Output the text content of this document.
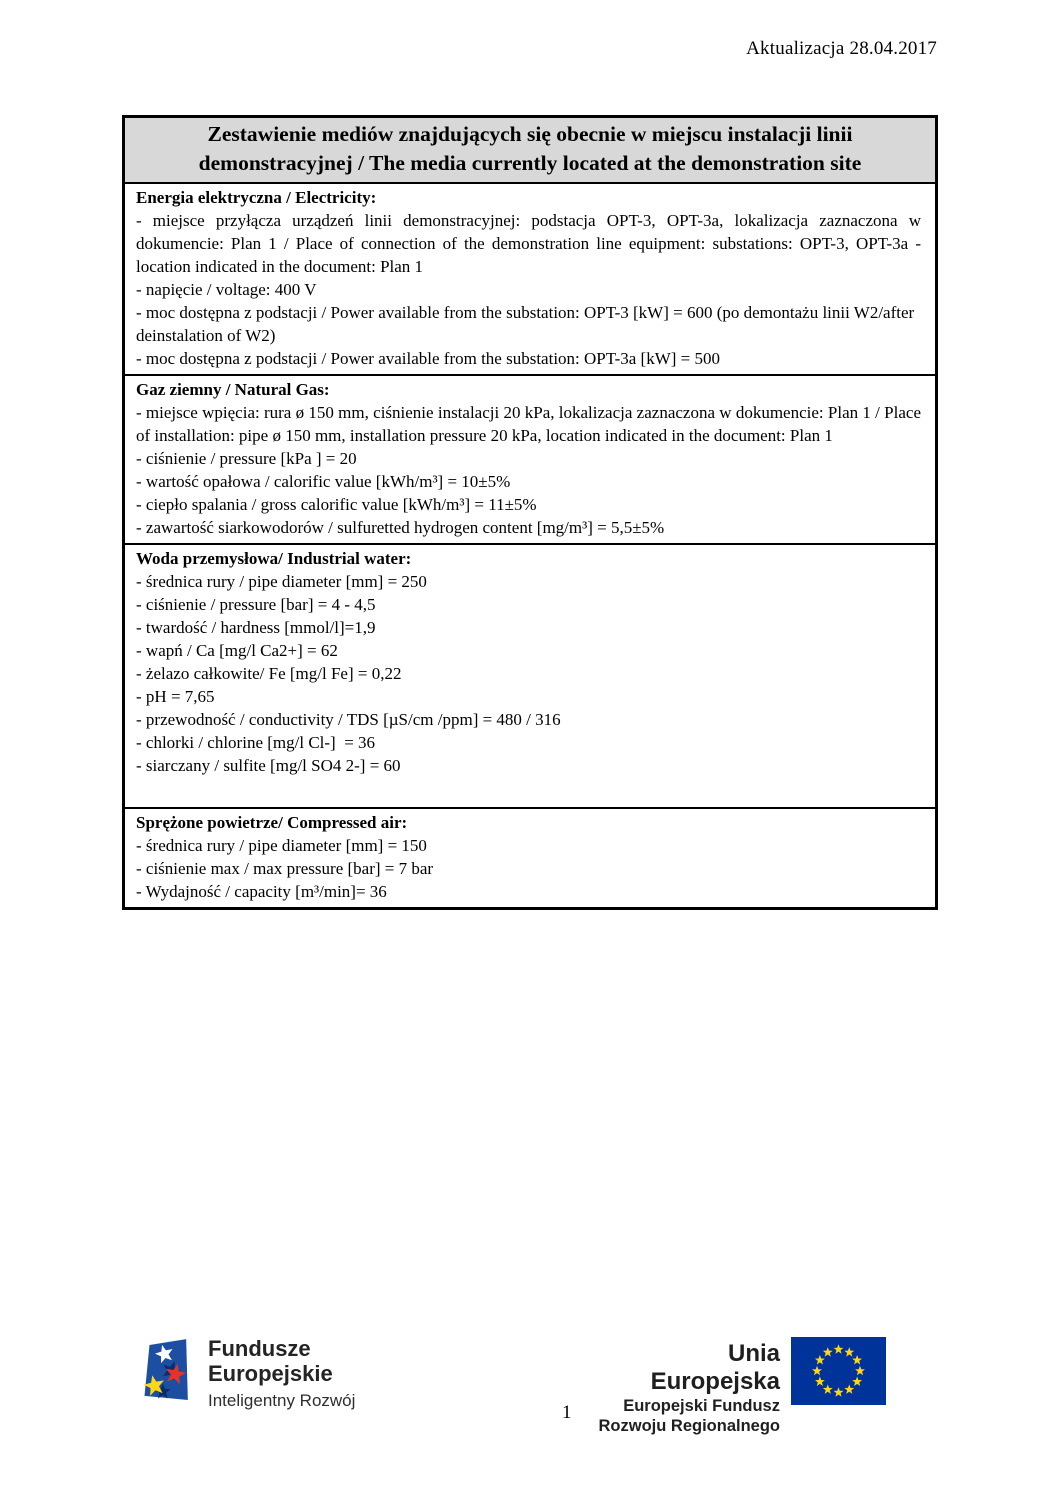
Aktualizacja 28.04.2017
Zestawienie mediów znajdujących się obecnie w miejscu instalacji linii demonstracyjnej / The media currently located at the demonstration site
Energia elektryczna / Electricity:
- miejsce przyłącza urządzeń linii demonstracyjnej: podstacja OPT-3, OPT-3a, lokalizacja zaznaczona w dokumencie: Plan 1 / Place of connection of the demonstration line equipment: substations: OPT-3, OPT-3a - location indicated in the document: Plan 1
- napięcie / voltage: 400 V
- moc dostępna z podstacji / Power available from the substation: OPT-3 [kW] = 600 (po demontażu linii W2/after deinstalation of W2)
- moc dostępna z podstacji / Power available from the substation: OPT-3a [kW] = 500
Gaz ziemny / Natural Gas:
- miejsce wpięcia: rura ø 150 mm, ciśnienie instalacji 20 kPa, lokalizacja zaznaczona w dokumencie: Plan 1 / Place of installation: pipe ø 150 mm, installation pressure 20 kPa, location indicated in the document: Plan 1
- ciśnienie / pressure [kPa ] = 20
- wartość opałowa / calorific value [kWh/m³] = 10±5%
- ciepło spalania / gross calorific value [kWh/m³] = 11±5%
- zawartość siarkowodorów / sulfuretted hydrogen content [mg/m³] = 5,5±5%
Woda przemysłowa/ Industrial water:
- średnica rury / pipe diameter [mm] = 250
- ciśnienie / pressure [bar] = 4 - 4,5
- twardość / hardness [mmol/l]=1,9
- wapń / Ca [mg/l Ca2+] = 62
- żelazo całkowite/ Fe [mg/l Fe] = 0,22
- pH = 7,65
- przewodność / conductivity / TDS [µS/cm /ppm] = 480 / 316
- chlorki / chlorine [mg/l Cl-]  = 36
- siarczany / sulfite [mg/l SO4 2-] = 60
Sprężone powietrze/ Compressed air:
- średnica rury / pipe diameter [mm] = 150
- ciśnienie max / max pressure [bar] = 7 bar
- Wydajność / capacity [m³/min]= 36
Fundusze
Europejskie
Inteligentny Rozwój
Unia Europejska
Europejski Fundusz
Rozwoju Regionalnego
1
